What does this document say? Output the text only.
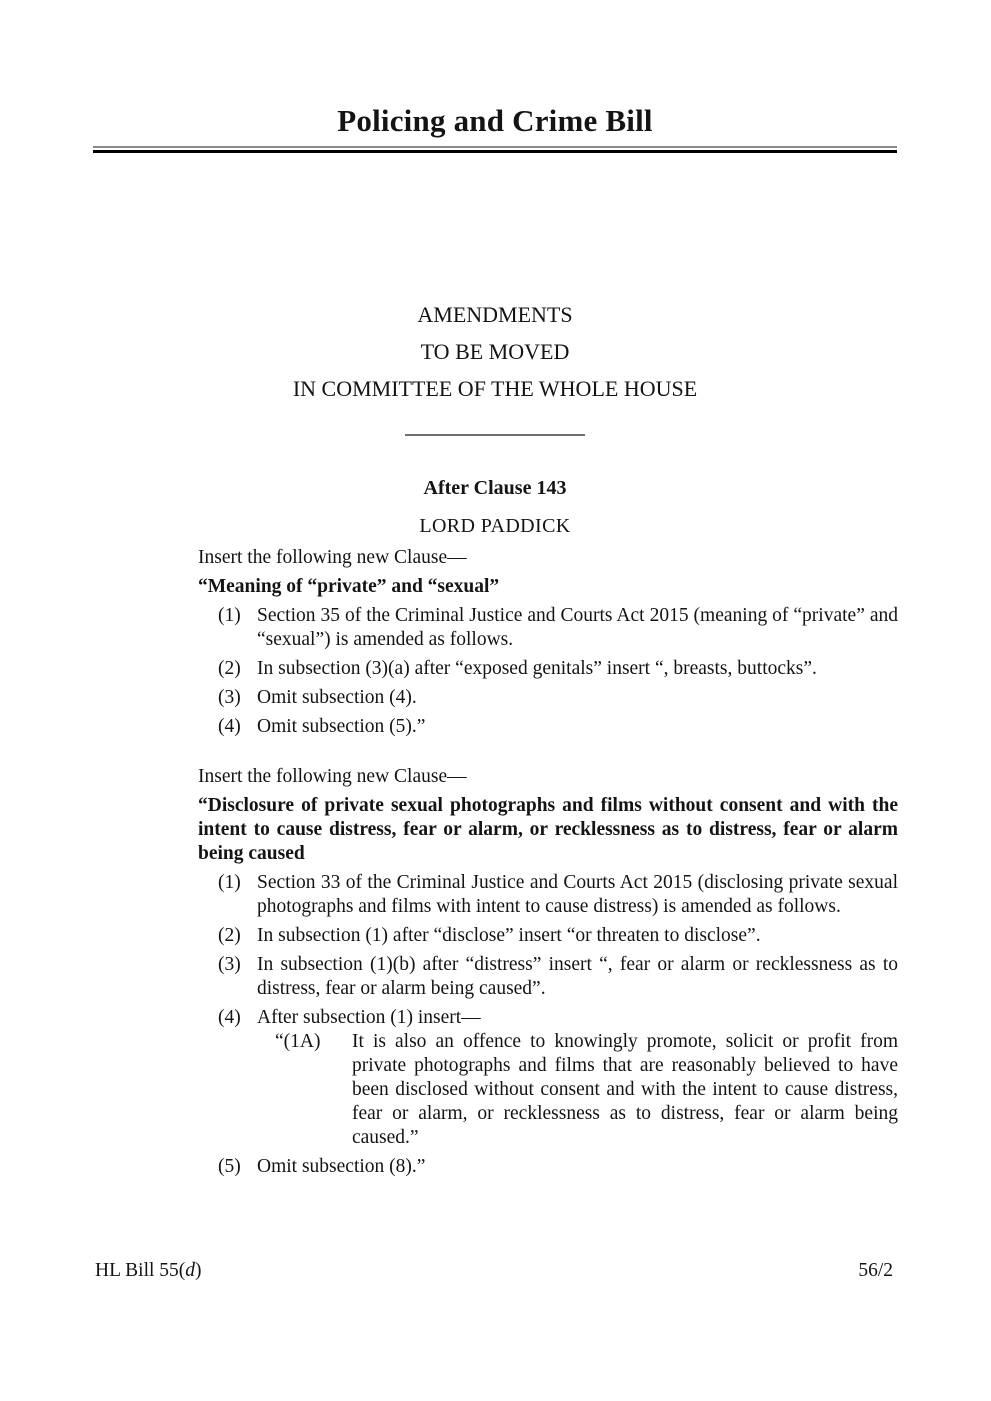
Policing and Crime Bill
AMENDMENTS
TO BE MOVED
IN COMMITTEE OF THE WHOLE HOUSE
After Clause 143
LORD PADDICK
Insert the following new Clause—
“Meaning of “private” and “sexual”
(1) Section 35 of the Criminal Justice and Courts Act 2015 (meaning of “private” and “sexual”) is amended as follows.
(2) In subsection (3)(a) after “exposed genitals” insert “, breasts, buttocks”.
(3) Omit subsection (4).
(4) Omit subsection (5).”
Insert the following new Clause—
“Disclosure of private sexual photographs and films without consent and with the intent to cause distress, fear or alarm, or recklessness as to distress, fear or alarm being caused
(1) Section 33 of the Criminal Justice and Courts Act 2015 (disclosing private sexual photographs and films with intent to cause distress) is amended as follows.
(2) In subsection (1) after “disclose” insert “or threaten to disclose”.
(3) In subsection (1)(b) after “distress” insert “, fear or alarm or recklessness as to distress, fear or alarm being caused”.
(4) After subsection (1) insert—
“(1A)	It is also an offence to knowingly promote, solicit or profit from private photographs and films that are reasonably believed to have been disclosed without consent and with the intent to cause distress, fear or alarm, or recklessness as to distress, fear or alarm being caused.”
(5) Omit subsection (8).”
HL Bill 55(d)	56/2
